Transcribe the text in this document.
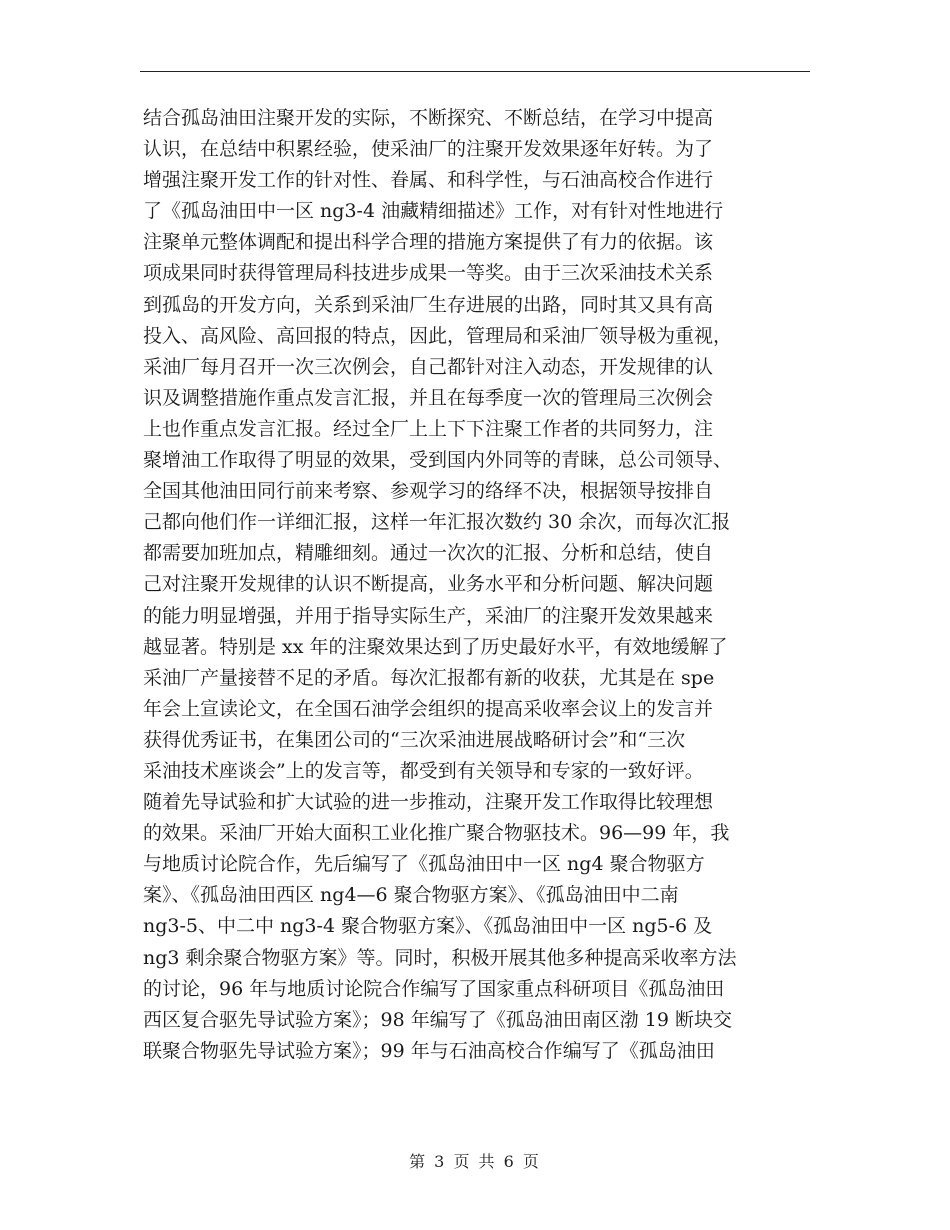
结合孤岛油田注聚开发的实际，不断探究、不断总结，在学习中提高
认识，在总结中积累经验，使采油厂的注聚开发效果逐年好转。为了
增强注聚开发工作的针对性、眷属、和科学性，与石油高校合作进行
了《孤岛油田中一区 ng3-4 油藏精细描述》工作，对有针对性地进行
注聚单元整体调配和提出科学合理的措施方案提供了有力的依据。该
项成果同时获得管理局科技进步成果一等奖。由于三次采油技术关系
到孤岛的开发方向，关系到采油厂生存进展的出路，同时其又具有高
投入、高风险、高回报的特点，因此，管理局和采油厂领导极为重视，
采油厂每月召开一次三次例会，自己都针对注入动态，开发规律的认
识及调整措施作重点发言汇报，并且在每季度一次的管理局三次例会
上也作重点发言汇报。经过全厂上上下下注聚工作者的共同努力，注
聚增油工作取得了明显的效果，受到国内外同等的青睐，总公司领导、
全国其他油田同行前来考察、参观学习的络绎不决，根据领导按排自
己都向他们作一详细汇报，这样一年汇报次数约 30 余次，而每次汇报
都需要加班加点，精雕细刻。通过一次次的汇报、分析和总结，使自
己对注聚开发规律的认识不断提高，业务水平和分析问题、解决问题
的能力明显增强，并用于指导实际生产，采油厂的注聚开发效果越来
越显著。特别是 xx 年的注聚效果达到了历史最好水平，有效地缓解了
采油厂产量接替不足的矛盾。每次汇报都有新的收获，尤其是在 spe
年会上宣读论文，在全国石油学会组织的提高采收率会议上的发言并
获得优秀证书，在集团公司的“三次采油进展战略研讨会”和“三次
采油技术座谈会”上的发言等，都受到有关领导和专家的一致好评。
随着先导试验和扩大试验的进一步推动，注聚开发工作取得比较理想
的效果。采油厂开始大面积工业化推广聚合物驱技术。96—99 年，我
与地质讨论院合作，先后编写了《孤岛油田中一区 ng4 聚合物驱方
案》、《孤岛油田西区 ng4—6 聚合物驱方案》、《孤岛油田中二南
ng3-5、中二中 ng3-4 聚合物驱方案》、《孤岛油田中一区 ng5-6 及
ng3 剩余聚合物驱方案》等。同时，积极开展其他多种提高采收率方法
的讨论，96 年与地质讨论院合作编写了国家重点科研项目《孤岛油田
西区复合驱先导试验方案》；98 年编写了《孤岛油田南区渤 19 断块交
联聚合物驱先导试验方案》；99 年与石油高校合作编写了《孤岛油田
第 3 页 共 6 页
